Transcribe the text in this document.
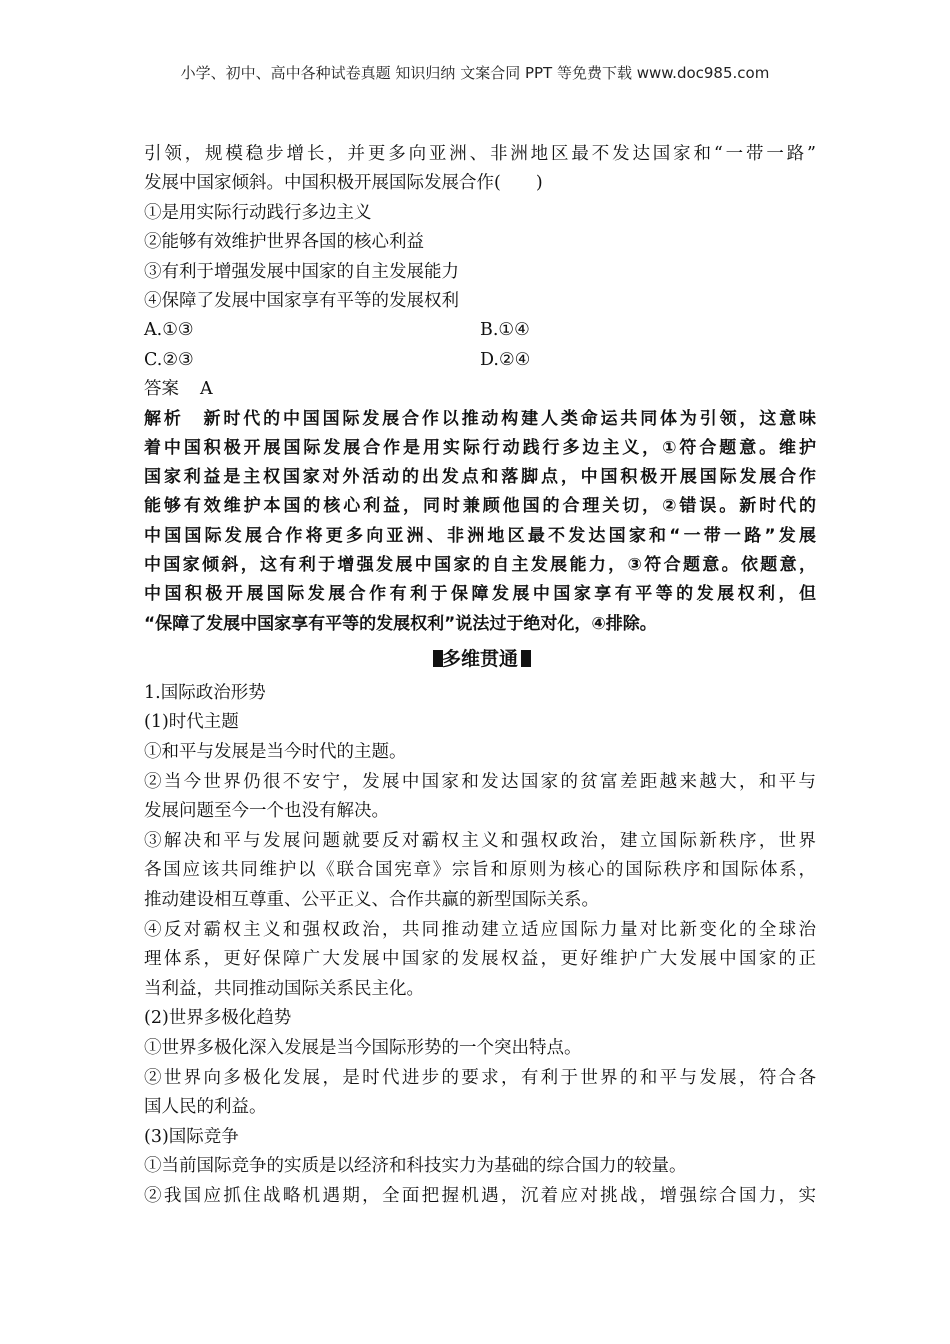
小学、初中、高中各种试卷真题 知识归纳 文案合同 PPT 等免费下载 www.doc985.com
引领，规模稳步增长，并更多向亚洲、非洲地区最不发达国家和“一带一路”
发展中国家倾斜。中国积极开展国际发展合作(　　)
①是用实际行动践行多边主义
②能够有效维护世界各国的核心利益
③有利于增强发展中国家的自主发展能力
④保障了发展中国家享有平等的发展权利
A.①③	B.①④
C.②③	D.②④
答案 A
解析　新时代的中国国际发展合作以推动构建人类命运共同体为引领，这意味
着中国积极开展国际发展合作是用实际行动践行多边主义，①符合题意。维护
国家利益是主权国家对外活动的出发点和落脚点，中国积极开展国际发展合作
能够有效维护本国的核心利益，同时兼顾他国的合理关切，②错误。新时代的
中国国际发展合作将更多向亚洲、非洲地区最不发达国家和“一带一路”发展
中国家倾斜，这有利于增强发展中国家的自主发展能力，③符合题意。依题意，
中国积极开展国际发展合作有利于保障发展中国家享有平等的发展权利，但
“保障了发展中国家享有平等的发展权利”说法过于绝对化，④排除。
多维贯通
1.国际政治形势
(1)时代主题
①和平与发展是当今时代的主题。
②当今世界仍很不安宁，发展中国家和发达国家的贫富差距越来越大，和平与
发展问题至今一个也没有解决。
③解决和平与发展问题就要反对霸权主义和强权政治，建立国际新秩序，世界
各国应该共同维护以《联合国宪章》宗旨和原则为核心的国际秩序和国际体系，
推动建设相互尊重、公平正义、合作共赢的新型国际关系。
④反对霸权主义和强权政治，共同推动建立适应国际力量对比新变化的全球治
理体系，更好保障广大发展中国家的发展权益，更好维护广大发展中国家的正
当利益，共同推动国际关系民主化。
(2)世界多极化趋势
①世界多极化深入发展是当今国际形势的一个突出特点。
②世界向多极化发展，是时代进步的要求，有利于世界的和平与发展，符合各
国人民的利益。
(3)国际竞争
①当前国际竞争的实质是以经济和科技实力为基础的综合国力的较量。
②我国应抓住战略机遇期，全面把握机遇，沉着应对挑战，增强综合国力，实
